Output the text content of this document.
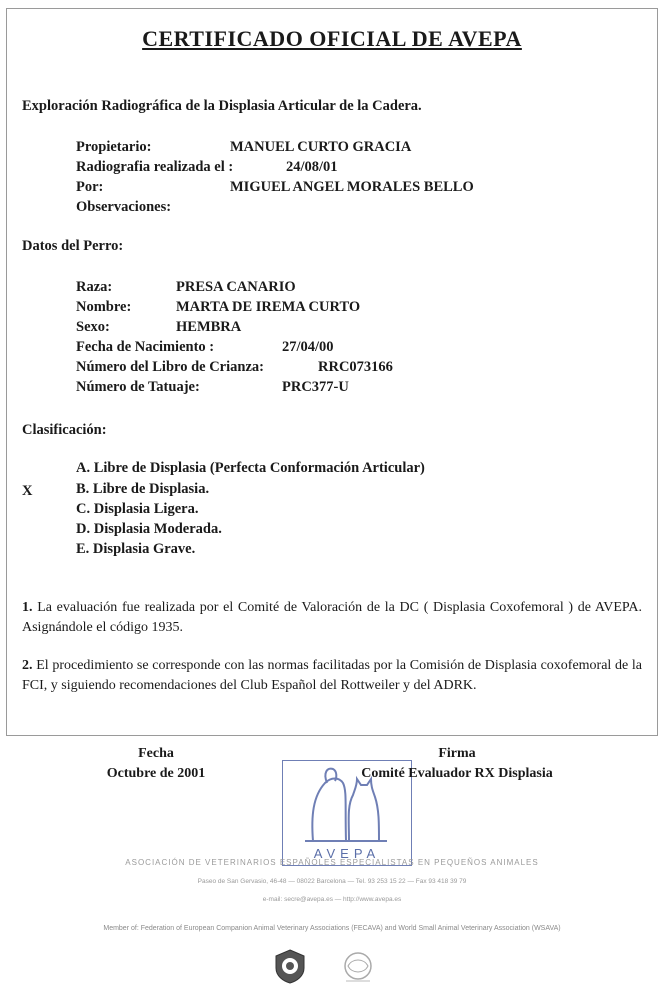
CERTIFICADO OFICIAL DE AVEPA
Exploración Radiográfica de la Displasia Articular de la Cadera.
Propietario:	MANUEL CURTO GRACIA
Radiografia realizada el :	24/08/01
Por:	MIGUEL ANGEL MORALES BELLO
Observaciones:
Datos del Perro:
Raza:	PRESA CANARIO
Nombre:	MARTA DE IREMA CURTO
Sexo:	HEMBRA
Fecha de Nacimiento :	27/04/00
Número del Libro de Crianza:	RRC073166
Número de Tatuaje:	PRC377-U
Clasificación:
X
A. Libre de Displasia (Perfecta Conformación Articular)
B. Libre de Displasia.
C. Displasia Ligera.
D. Displasia Moderada.
E. Displasia Grave.
1. La evaluación fue realizada por el Comité de Valoración de la DC ( Displasia Coxofemoral ) de AVEPA. Asignándole el código 1935.
2. El procedimiento se corresponde con las normas facilitadas por la Comisión de Displasia coxofemoral de la FCI, y siguiendo recomendaciones del Club Español del Rottweiler y del ADRK.
Fecha
Octubre de 2001
AVEPA
Firma
Comité Evaluador RX Displasia
ASOCIACIÓN DE VETERINARIOS ESPAÑOLES ESPECIALISTAS EN PEQUEÑOS ANIMALES
Paseo de San Gervasio, 46-48 — 08022 Barcelona — Tel. 93 253 15 22 — Fax 93 418 39 79
e-mail: secre@avepa.es — http://www.avepa.es
Member of: Federation of European Companion Animal Veterinary Associations (FECAVA) and World Small Animal Veterinary Association (WSAVA)
